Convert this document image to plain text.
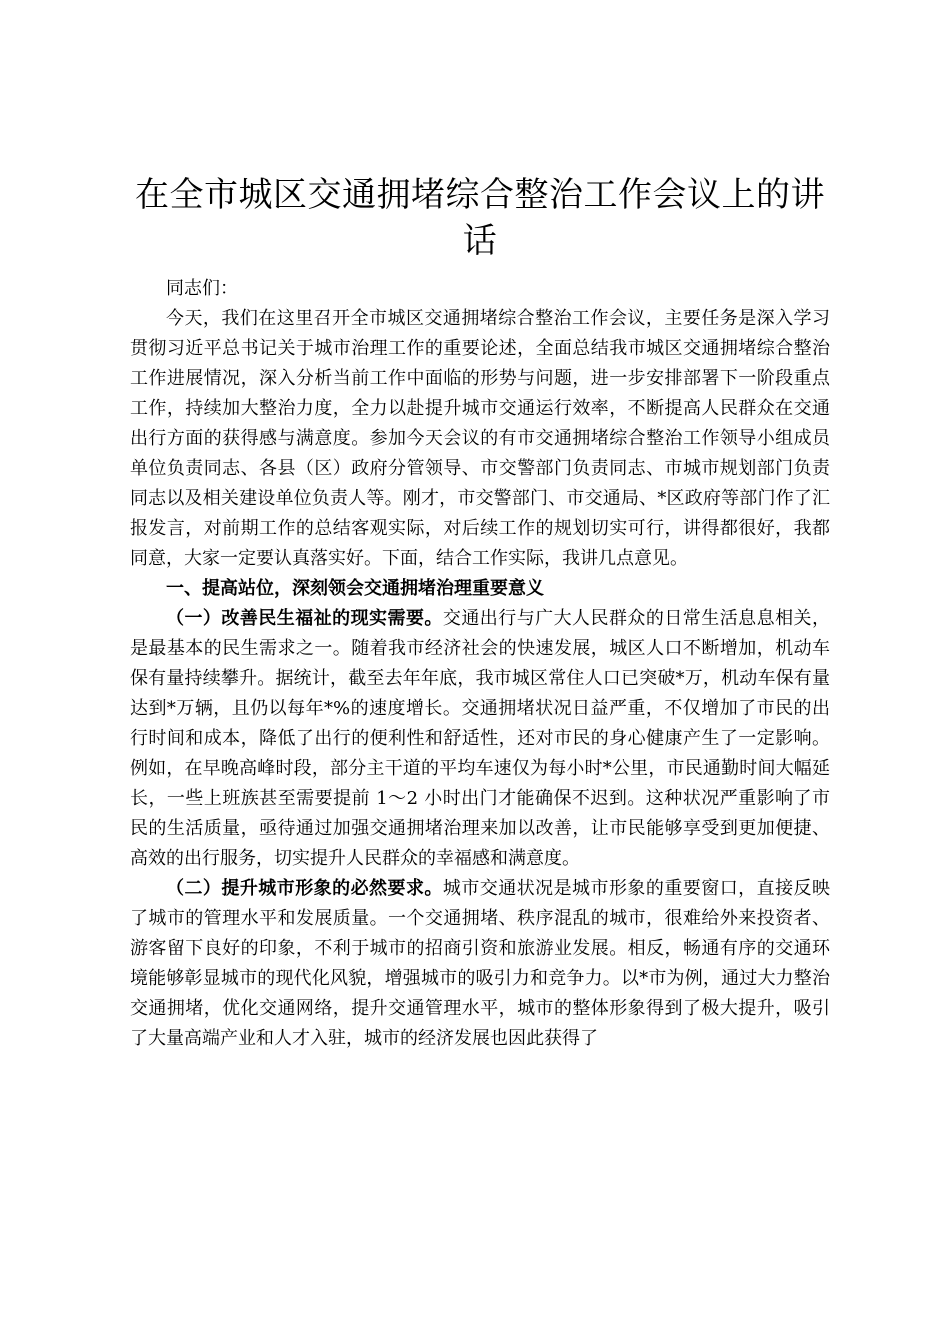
在全市城区交通拥堵综合整治工作会议上的讲
话

同志们：

今天，我们在这里召开全市城区交通拥堵综合整治工作会议，主要任务是深入学习贯彻习近平总书记关于城市治理工作的重要论述，全面总结我市城区交通拥堵综合整治工作进展情况，深入分析当前工作中面临的形势与问题，进一步安排部署下一阶段重点工作，持续加大整治力度，全力以赴提升城市交通运行效率，不断提高人民群众在交通出行方面的获得感与满意度。参加今天会议的有市交通拥堵综合整治工作领导小组成员单位负责同志、各县（区）政府分管领导、市交警部门负责同志、市城市规划部门负责同志以及相关建设单位负责人等。刚才，市交警部门、市交通局、*区政府等部门作了汇报发言，对前期工作的总结客观实际，对后续工作的规划切实可行，讲得都很好，我都同意，大家一定要认真落实好。下面，结合工作实际，我讲几点意见。

一、提高站位，深刻领会交通拥堵治理重要意义

（一）改善民生福祉的现实需要。交通出行与广大人民群众的日常生活息息相关，是最基本的民生需求之一。随着我市经济社会的快速发展，城区人口不断增加，机动车保有量持续攀升。据统计，截至去年年底，我市城区常住人口已突破*万，机动车保有量达到*万辆，且仍以每年*%的速度增长。交通拥堵状况日益严重，不仅增加了市民的出行时间和成本，降低了出行的便利性和舒适性，还对市民的身心健康产生了一定影响。例如，在早晚高峰时段，部分主干道的平均车速仅为每小时*公里，市民通勤时间大幅延长，一些上班族甚至需要提前 1～2 小时出门才能确保不迟到。这种状况严重影响了市民的生活质量，亟待通过加强交通拥堵治理来加以改善，让市民能够享受到更加便捷、高效的出行服务，切实提升人民群众的幸福感和满意度。

（二）提升城市形象的必然要求。城市交通状况是城市形象的重要窗口，直接反映了城市的管理水平和发展质量。一个交通拥堵、秩序混乱的城市，很难给外来投资者、游客留下良好的印象，不利于城市的招商引资和旅游业发展。相反，畅通有序的交通环境能够彰显城市的现代化风貌，增强城市的吸引力和竞争力。以*市为例，通过大力整治交通拥堵，优化交通网络，提升交通管理水平，城市的整体形象得到了极大提升，吸引了大量高端产业和人才入驻，城市的经济发展也因此获得了
